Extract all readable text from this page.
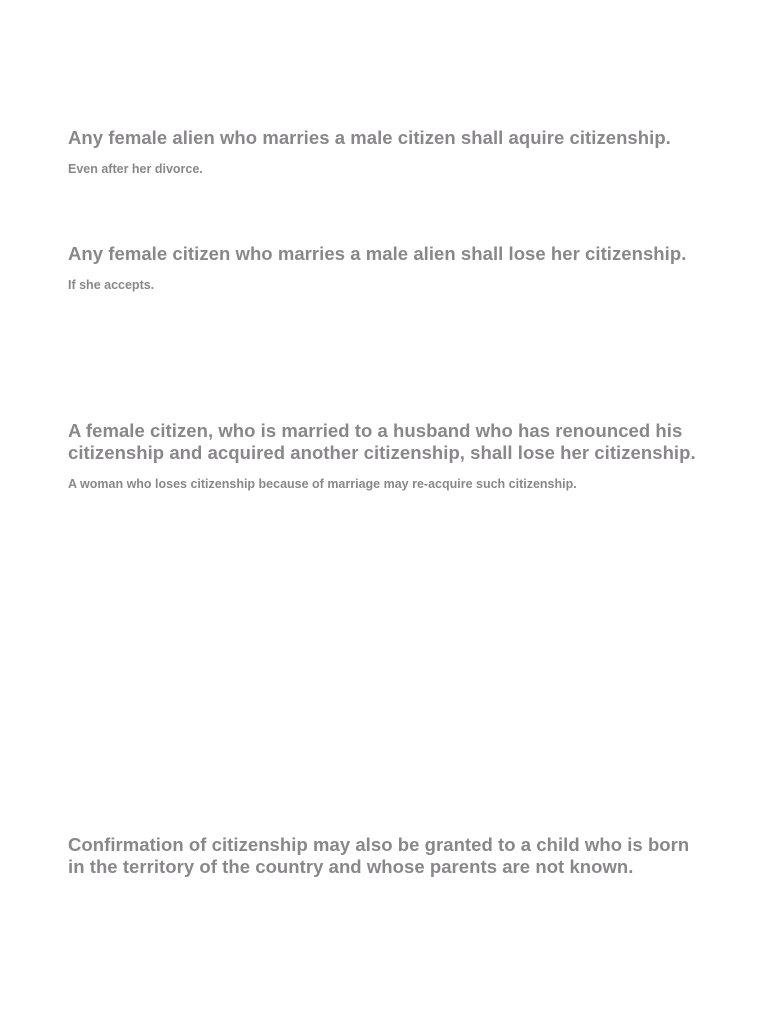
Any female alien who marries a male citizen shall aquire citizenship.

Even after her divorce.

Any female citizen who marries a male alien shall lose her citizenship.

If she accepts.

A female citizen, who is married to a husband who has renounced his
citizenship and acquired another citizenship, shall lose her citizenship.

A woman who loses citizenship because of marriage may re-acquire such citizenship.

Confirmation of citizenship may also be granted to a child who is born
in the territory of the country and whose parents are not known.
